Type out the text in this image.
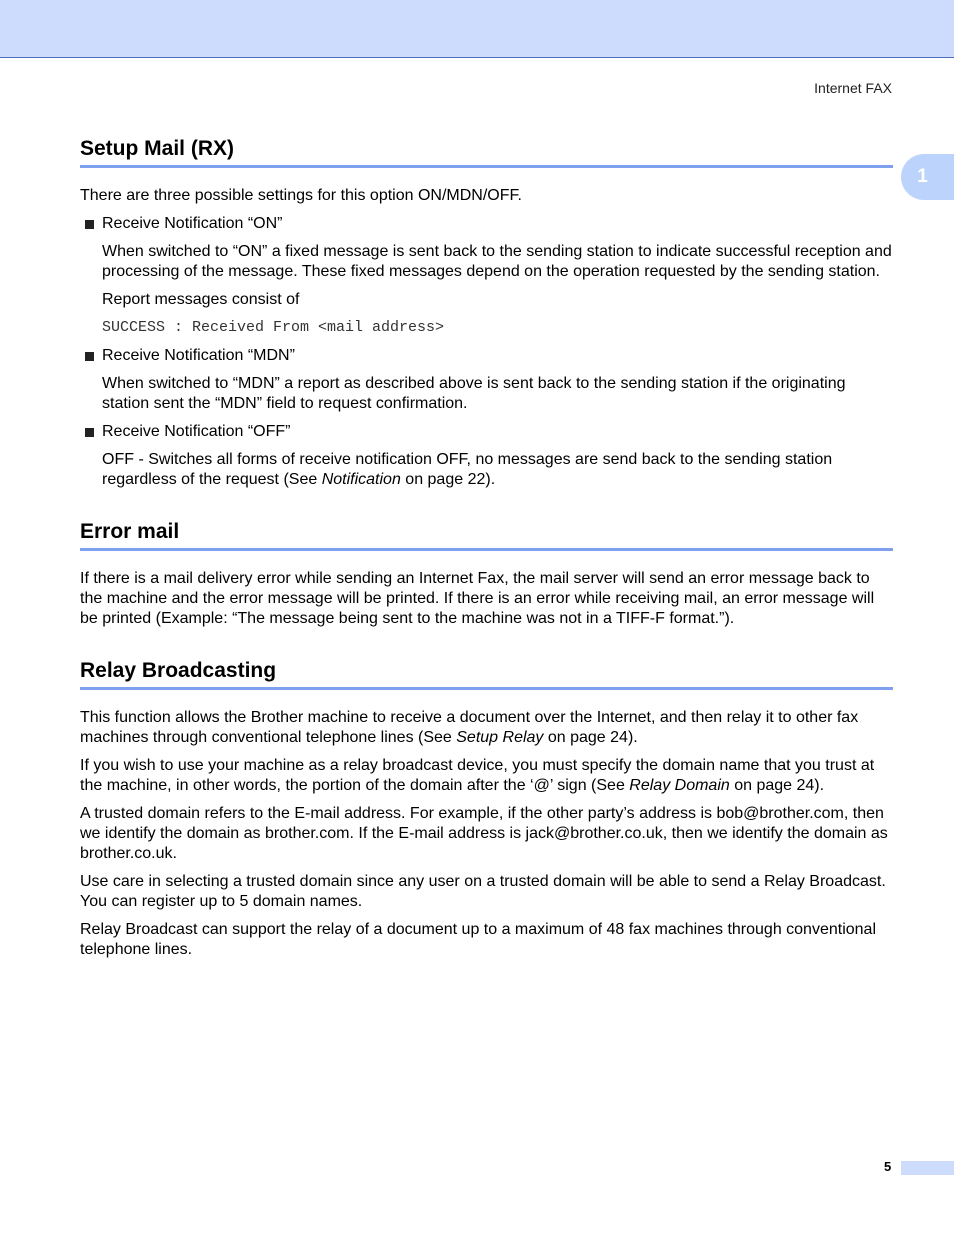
Internet FAX
1
Setup Mail (RX)

There are three possible settings for this option ON/MDN/OFF.

Receive Notification “ON”

When switched to “ON” a fixed message is sent back to the sending station to indicate successful reception and processing of the message. These fixed messages depend on the operation requested by the sending station.

Report messages consist of

SUCCESS : Received From <mail address>
Receive Notification “MDN”

When switched to “MDN” a report as described above is sent back to the sending station if the originating station sent the “MDN” field to request confirmation.

Receive Notification “OFF”

OFF - Switches all forms of receive notification OFF, no messages are send back to the sending station regardless of the request (See Notification on page 22).

Error mail

If there is a mail delivery error while sending an Internet Fax, the mail server will send an error message back to the machine and the error message will be printed. If there is an error while receiving mail, an error message will be printed (Example: “The message being sent to the machine was not in a TIFF-F format.”).

Relay Broadcasting

This function allows the Brother machine to receive a document over the Internet, and then relay it to other fax machines through conventional telephone lines (See Setup Relay on page 24).

If you wish to use your machine as a relay broadcast device, you must specify the domain name that you trust at the machine, in other words, the portion of the domain after the ‘@’ sign (See Relay Domain on page 24).

A trusted domain refers to the E-mail address. For example, if the other party’s address is bob@brother.com, then we identify the domain as brother.com. If the E-mail address is jack@brother.co.uk, then we identify the domain as brother.co.uk.

Use care in selecting a trusted domain since any user on a trusted domain will be able to send a Relay Broadcast. You can register up to 5 domain names.

Relay Broadcast can support the relay of a document up to a maximum of 48 fax machines through conventional telephone lines.

5
